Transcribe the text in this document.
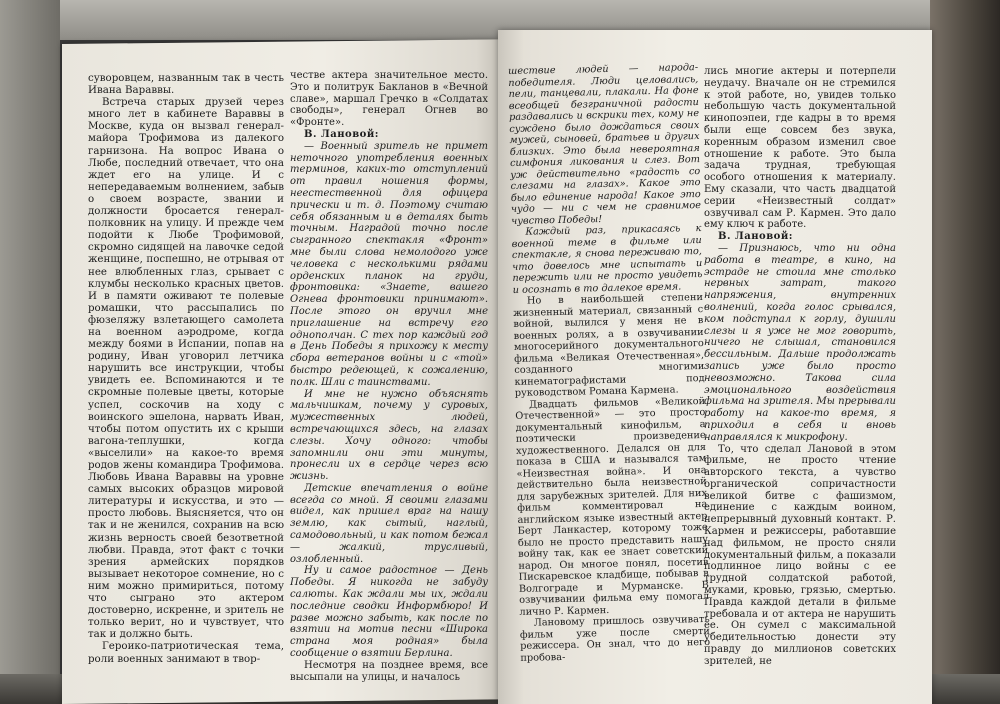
суворовцем, названным так в честь Ивана Вараввы.

Встреча старых друзей через много лет в кабинете Вараввы в Москве, куда он вызвал генерал-майора Трофимова из далекого гарнизона. На вопрос Ивана о Любе, последний отвечает, что она ждет его на улице. И с непередаваемым волнением, забыв о своем возрасте, звании и должности бросается генерал-полковник на улицу. И прежде чем подойти к Любе Трофимовой, скромно сидящей на лавочке седой женщине, поспешно, не отрывая от нее влюбленных глаз, срывает с клумбы несколько красных цветов. И в памяти оживают те полевые ромашки, что рассыпались по фюзеляжу взлетающего самолета на военном аэродроме, когда между боями в Испании, попав на родину, Иван уговорил летчика нарушить все инструкции, чтобы увидеть ее. Вспоминаются и те скромные полевые цветы, которые успел, соскочив на ходу с воинского эшелона, нарвать Иван, чтобы потом опустить их с крыши вагона-теплушки, когда «выселили» на какое-то время родов жены командира Трофимова. Любовь Ивана Вараввы на уровне самых высоких образцов мировой литературы и искусства, и это — просто любовь. Выясняется, что он так и не женился, сохранив на всю жизнь верность своей безответной любви. Правда, этот факт с точки зрения армейских порядков вызывает некоторое сомнение, но с ним можно примириться, потому что сыграно это актером достоверно, искренне, и зритель не только верит, но и чувствует, что так и должно быть.

Героико-патриотическая тема, роли военных занимают в твор-

честве актера значительное место. Это и политрук Бакланов в «Вечной славе», маршал Гречко в «Солдатах свободы», генерал Огнев во «Фронте».

В. Лановой:

— Военный зритель не примет неточного употребления военных терминов, каких-то отступлений от правил ношения формы, неестественной для офицера прически и т. д. Поэтому считаю себя обязанным и в деталях быть точным. Наградой точно после сыгранного спектакля «Фронт» мне были слова немолодого уже человека с несколькими рядами орденских планок на груди, фронтовика: «Знаете, вашего Огнева фронтовики принимают». После этого он вручил мне приглашение на встречу его однополчан. С тех пор каждый год в День Победы я прихожу к месту сбора ветеранов войны и с «той» быстро редеющей, к сожалению, полк. Шли с таинствами.

И мне не нужно объяснять мальчишкам, почему у суровых, мужественных людей, встречающихся здесь, на глазах слезы. Хочу одного: чтобы запомнили они эти минуты, пронесли их в сердце через всю жизнь.

Детские впечатления о войне всегда со мной. Я своими глазами видел, как пришел враг на нашу землю, как сытый, наглый, самодовольный, и как потом бежал — жалкий, трусливый, озлобленный.

Ну и самое радостное — День Победы. Я никогда не забуду салюты. Как ждали мы их, ждали последние сводки Информбюро! И разве можно забыть, как после по взятии на мотив песни «Широка страна моя родная» была сообщение о взятии Берлина.

Несмотря на позднее время, все высыпали на улицы, и началось

шествие людей — народа-победителя. Люди целовались, пели, танцевали, плакали. На фоне всеобщей безграничной радости раздавались и вскрики тех, кому не суждено было дождаться своих мужей, сыновей, братьев и других близких. Это была невероятная симфония ликования и слез. Вот уж действительно «радость со слезами на глазах». Какое это было единение народа! Какое это чудо — ни с чем не сравнимое чувство Победы!

Каждый раз, прикасаясь к военной теме в фильме или спектакле, я снова переживаю то, что довелось мне испытать и пережить или не просто увидеть и осознать в то далекое время.

Но в наибольшей степени жизненный материал, связанный с войной, вылился у меня не в военных ролях, а в озвучивании многосерийного документального фильма «Великая Отечественная», созданного многими кинематографистами под руководством Романа Кармена.

Двадцать фильмов «Великой Отечественной» — это просто документальный кинофильм, а поэтически произведение художественного. Делался он для показа в США и назывался там «Неизвестная война». И она действительно была неизвестной для зарубежных зрителей. Для них фильм комментировал на английском языке известный актер Берт Ланкастер, которому тоже было не просто представить нашу войну так, как ее знает советский народ. Он многое понял, посетив Пискаревское кладбище, побывав в Волгограде и Мурманске. В озвучивании фильма ему помогал лично Р. Кармен.

Лановому пришлось озвучивать фильм уже после смерти режиссера. Он знал, что до него пробова-

лись многие актеры и потерпели неудачу. Вначале он не стремился к этой работе, но, увидев только небольшую часть документальной кинопоэпеи, где кадры в то время были еще совсем без звука, коренным образом изменил свое отношение к работе. Это была задача трудная, требующая особого отношения к материалу. Ему сказали, что часть двадцатой серии «Неизвестный солдат» озвучивал сам Р. Кармен. Это дало ему ключ к работе.

В. Лановой:

— Признаюсь, что ни одна работа в театре, в кино, на эстраде не стоила мне столько нервных затрат, такого напряжения, внутренних волнений, когда голос срывался, ком подступал к горлу, душили слезы и я уже не мог говорить, ничего не слышал, становился бессильным. Дальше продолжать запись уже было просто невозможно. Такова сила эмоционального воздействия фильма на зрителя. Мы прерывали работу на какое-то время, я приходил в себя и вновь направлялся к микрофону.

То, что сделал Лановой в этом фильме, не просто чтение авторского текста, а чувство органической сопричастности великой битве с фашизмом, единение с каждым воином, непрерывный духовный контакт. Р. Кармен и режиссеры, работавшие над фильмом, не просто сняли документальный фильм, а показали подлинное лицо войны с ее трудной солдатской работой, муками, кровью, грязью, смертью. Правда каждой детали в фильме требовала и от актера не нарушить ее. Он сумел с максимальной убедительностью донести эту правду до миллионов советских зрителей, не
